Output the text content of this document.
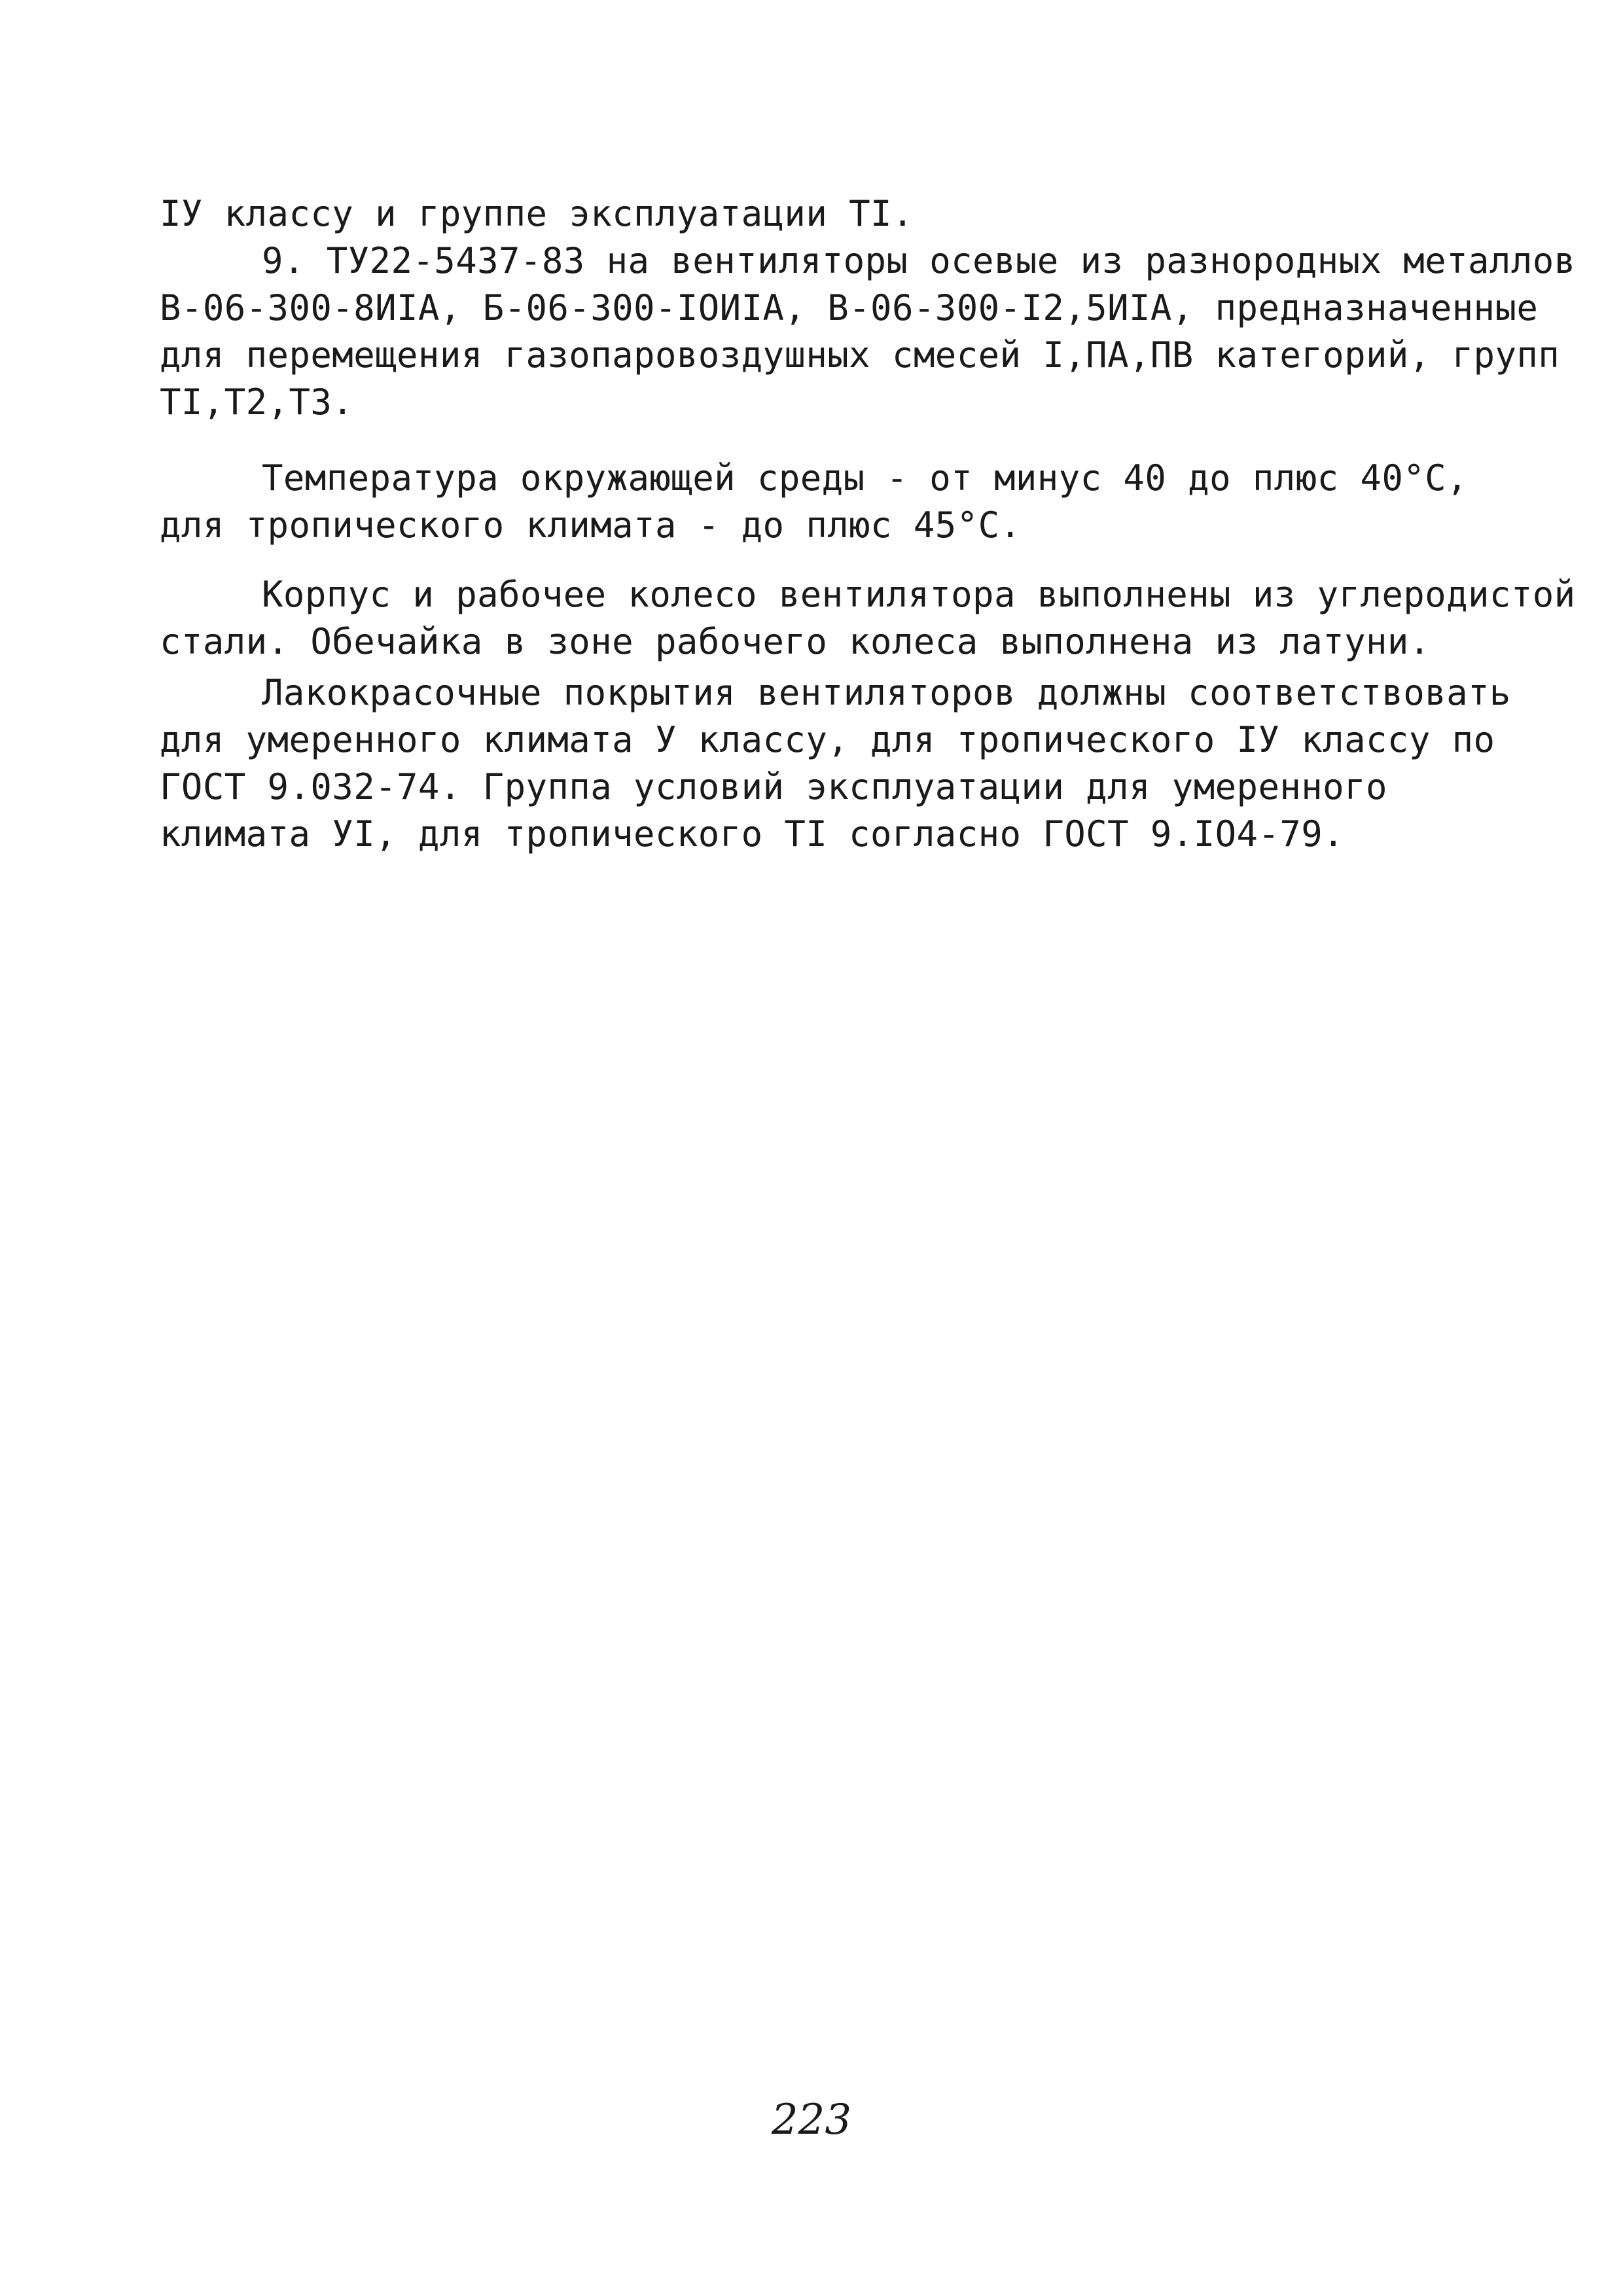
IУ классу и группе эксплуатации TI.
9. ТУ22-5437-83 на вентиляторы осевые из разнородных металлов
В-06-300-8ИIА, Б-06-300-IОИIА, В-06-300-I2,5ИIА, предназначенные
для перемещения газопаровоздушных смесей I,ПА,ПВ категорий, групп
TI,T2,T3.
Температура окружающей среды - от минус 40 до плюс 40°С,
для тропического климата - до плюс 45°С.
Корпус и рабочее колесо вентилятора выполнены из углеродистой
стали. Обечайка в зоне рабочего колеса выполнена из латуни.
Лакокрасочные покрытия вентиляторов должны соответствовать
для умеренного климата У классу, для тропического IУ классу по
ГОСТ 9.032-74. Группа условий эксплуатации для умеренного
климата УI, для тропического TI согласно ГОСТ 9.IО4-79.
223
